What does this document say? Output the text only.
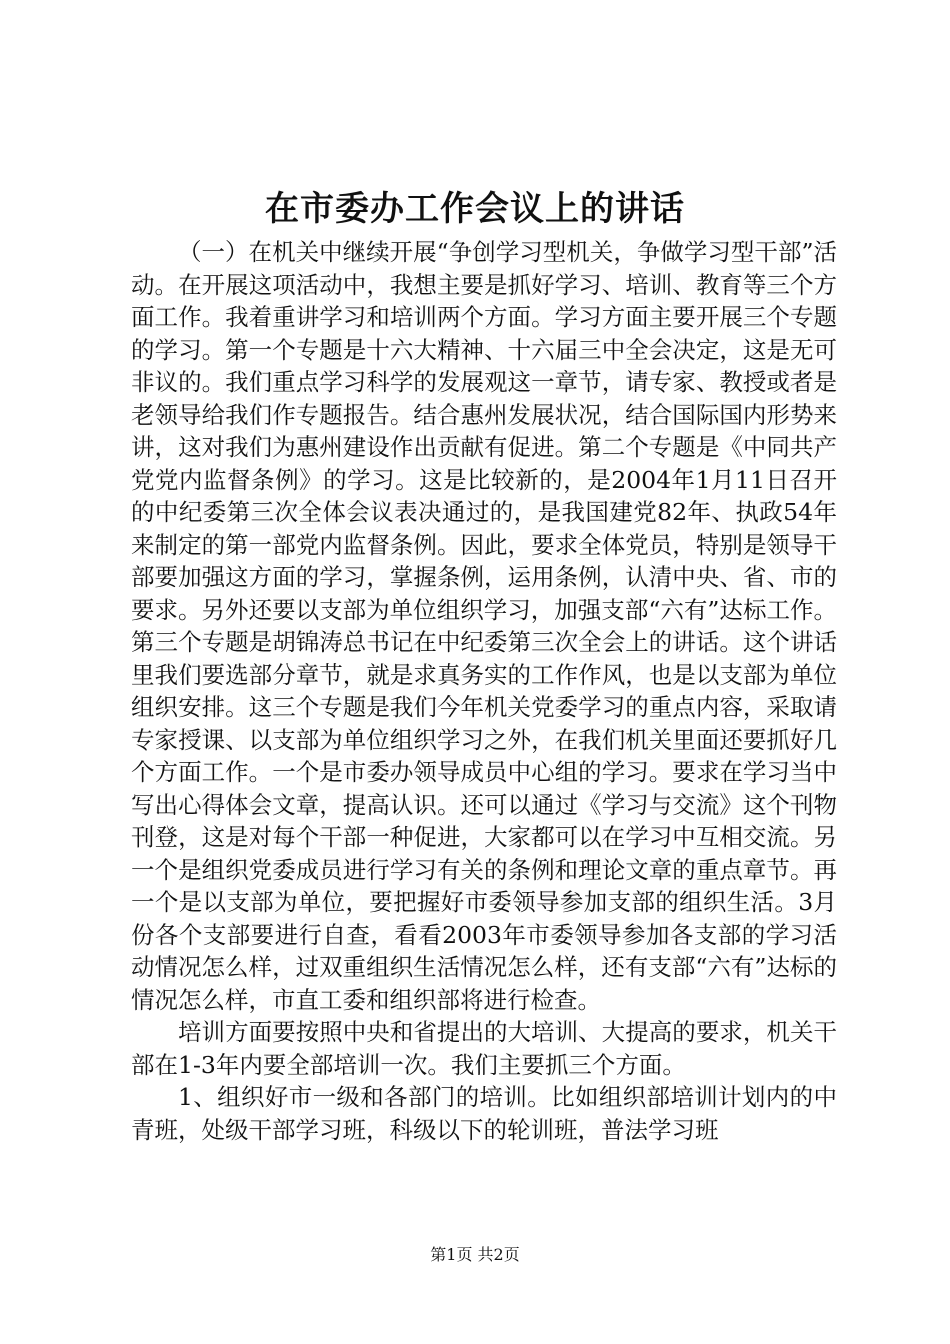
在市委办工作会议上的讲话

（一）在机关中继续开展“争创学习型机关，争做学习型干部”活动。在开展这项活动中，我想主要是抓好学习、培训、教育等三个方面工作。我着重讲学习和培训两个方面。学习方面主要开展三个专题的学习。第一个专题是十六大精神、十六届三中全会决定，这是无可非议的。我们重点学习科学的发展观这一章节，请专家、教授或者是老领导给我们作专题报告。结合惠州发展状况，结合国际国内形势来讲，这对我们为惠州建设作出贡献有促进。第二个专题是《中同共产党党内监督条例》的学习。这是比较新的，是2004年1月11日召开的中纪委第三次全体会议表决通过的，是我国建党82年、执政54年来制定的第一部党内监督条例。因此，要求全体党员，特别是领导干部要加强这方面的学习，掌握条例，运用条例，认清中央、省、市的要求。另外还要以支部为单位组织学习，加强支部“六有”达标工作。第三个专题是胡锦涛总书记在中纪委第三次全会上的讲话。这个讲话里我们要选部分章节，就是求真务实的工作作风，也是以支部为单位组织安排。这三个专题是我们今年机关党委学习的重点内容，采取请专家授课、以支部为单位组织学习之外，在我们机关里面还要抓好几个方面工作。一个是市委办领导成员中心组的学习。要求在学习当中写出心得体会文章，提高认识。还可以通过《学习与交流》这个刊物刊登，这是对每个干部一种促进，大家都可以在学习中互相交流。另一个是组织党委成员进行学习有关的条例和理论文章的重点章节。再一个是以支部为单位，要把握好市委领导参加支部的组织生活。3月份各个支部要进行自查，看看2003年市委领导参加各支部的学习活动情况怎么样，过双重组织生活情况怎么样，还有支部“六有”达标的情况怎么样，市直工委和组织部将进行检查。

培训方面要按照中央和省提出的大培训、大提高的要求，机关干部在1-3年内要全部培训一次。我们主要抓三个方面。

1、组织好市一级和各部门的培训。比如组织部培训计划内的中青班，处级干部学习班，科级以下的轮训班，普法学习班

第1页 共2页
